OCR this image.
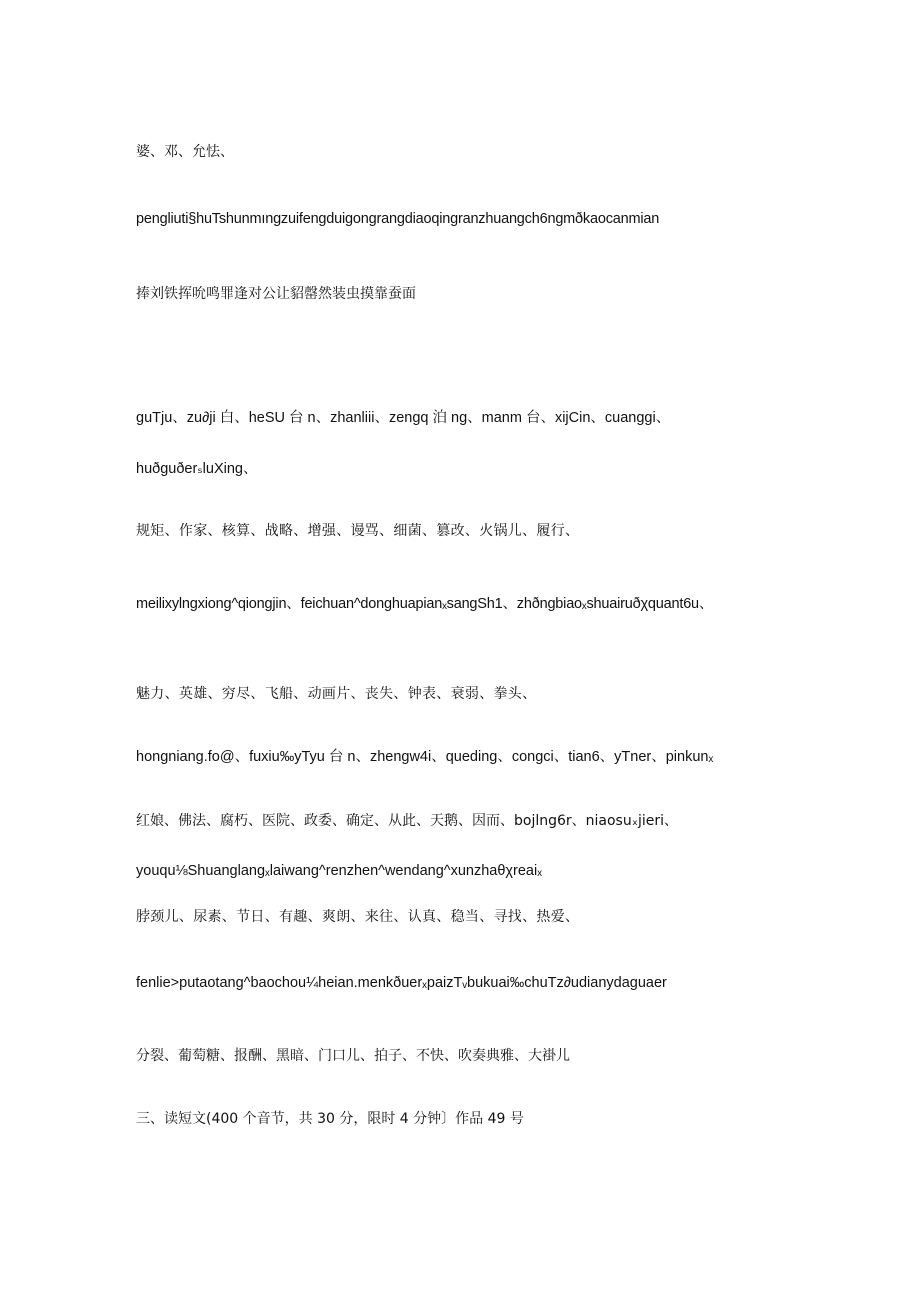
婆、邓、允怯、
pengliuti§huTshunmıngzuifengduigongrangdiaoqingranzhuangch6ngmðkaocanmian
捧刘铁挥吮鸣罪逢对公让貂罄然装虫摸靠蚕面
guTju、zu∂ji 白、heSU 台 n、zhanliii、zengq 泊 ng、manm 台、xijCin、cuanggi、
huðguðerₛluXing、
规矩、作家、核算、战略、增强、谩骂、细菌、篡改、火锅儿、履行、
meilixylngxiong^qiongjin、feichuan^donghuapianₓsangSh1、zhðngbiaoₓshuairuðχquant6u、
魅力、英雄、穷尽、飞船、动画片、丧失、钟表、衰弱、拳头、
hongniang.fo@、fuxiu‰yTyu 台 n、zhengw4i、queding、congci、tian6、yTner、pinkunₓ
红娘、佛法、腐朽、医院、政委、确定、从此、天鹅、因而、bojlng6r、niaosuₓjieri、
youqu⅛Shuanglangₓlaiwang^renzhen^wendang^xunzhaθχreaiₓ
脖颈儿、尿素、节日、有趣、爽朗、来往、认真、稳当、寻找、热爱、
fenlie>putaotang^baochou¼heian.menkðuerₓpaizTᵥbukuai‰chuTz∂udianydaguaer
分裂、葡萄糖、报酬、黑暗、门口儿、拍子、不快、吹奏典雅、大褂儿
三、读短文(400 个音节，共 30 分，限时 4 分钟〕作品 49 号
